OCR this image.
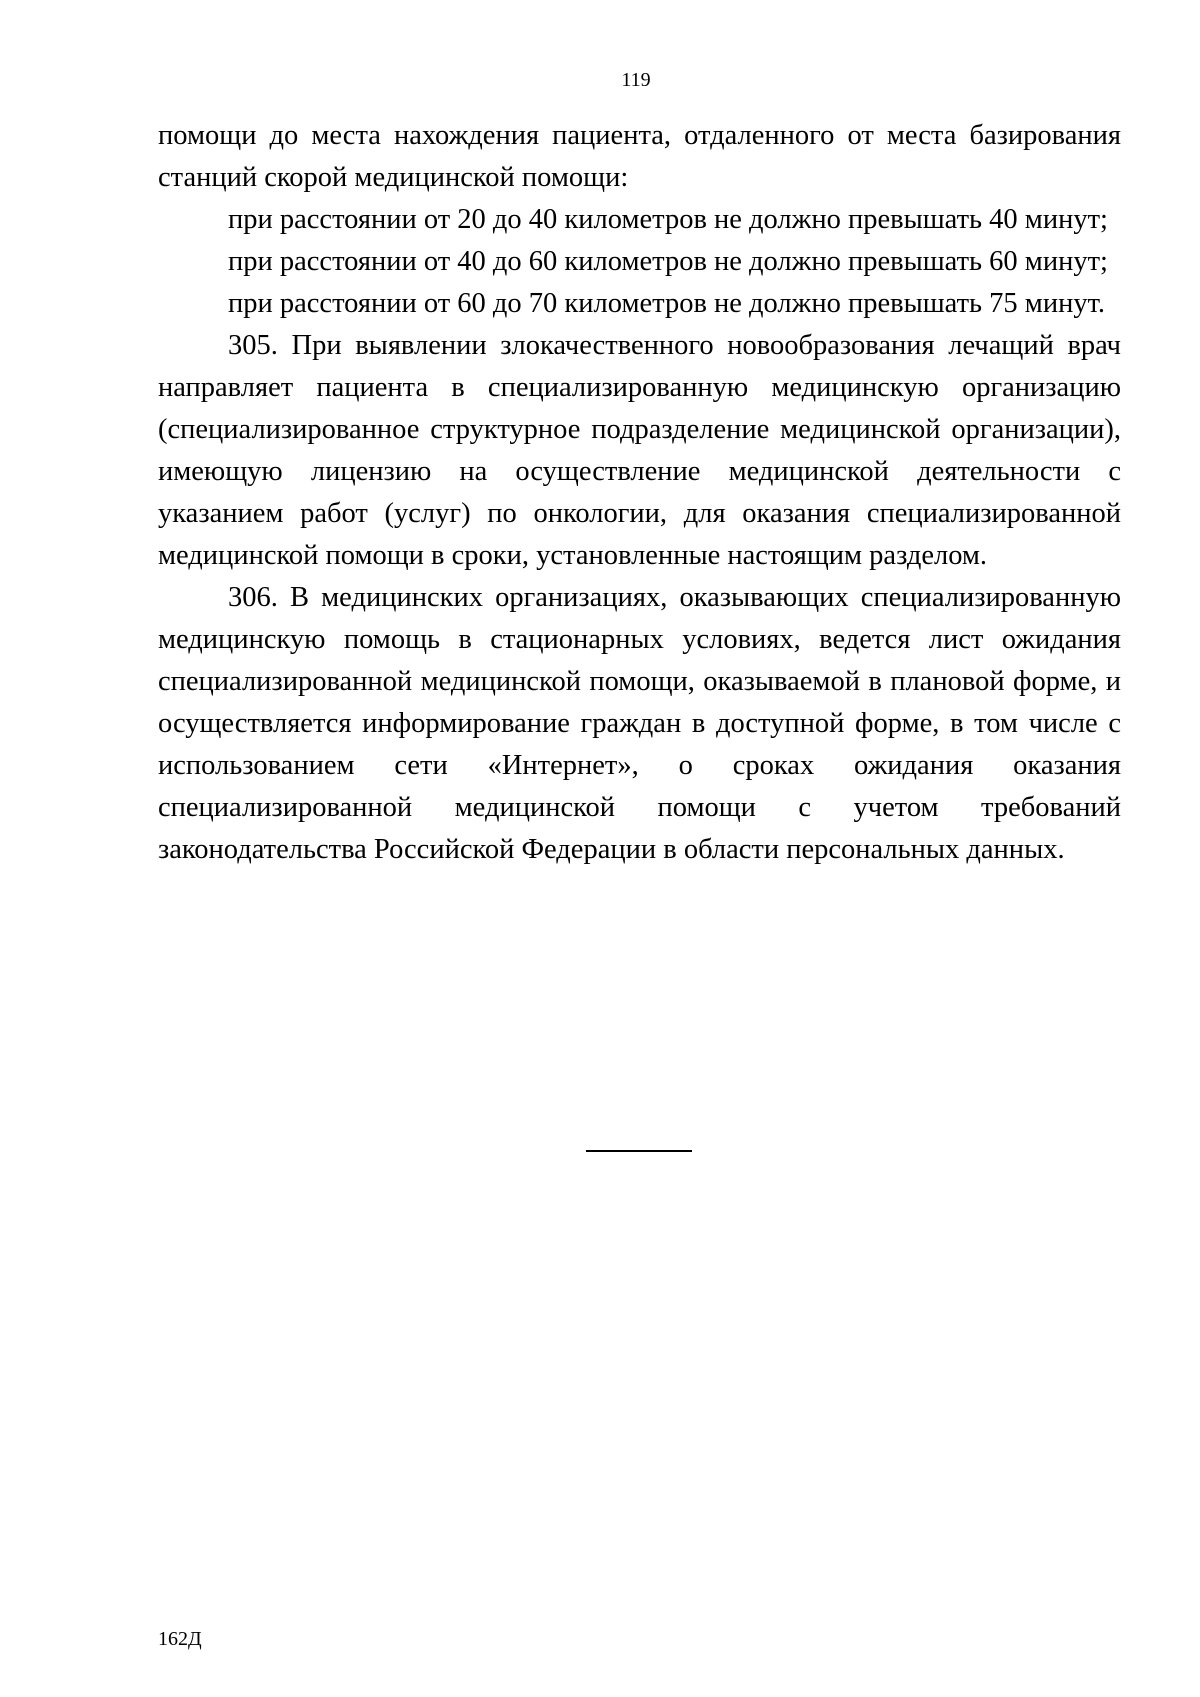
119

помощи до места нахождения пациента, отдаленного от места базирования станций скорой медицинской помощи:

при расстоянии от 20 до 40 километров не должно превышать 40 минут;

при расстоянии от 40 до 60 километров не должно превышать 60 минут;

при расстоянии от 60 до 70 километров не должно превышать 75 минут.

305. При выявлении злокачественного новообразования лечащий врач направляет пациента в специализированную медицинскую организацию (специализированное структурное подразделение медицинской организации), имеющую лицензию на осуществление медицинской деятельности с указанием работ (услуг) по онкологии, для оказания специализированной медицинской помощи в сроки, установленные настоящим разделом.

306. В медицинских организациях, оказывающих специализированную медицинскую помощь в стационарных условиях, ведется лист ожидания специализированной медицинской помощи, оказываемой в плановой форме, и осуществляется информирование граждан в доступной форме, в том числе с использованием сети «Интернет», о сроках ожидания оказания специализированной медицинской помощи с учетом требований законодательства Российской Федерации в области персональных данных.

162Д
